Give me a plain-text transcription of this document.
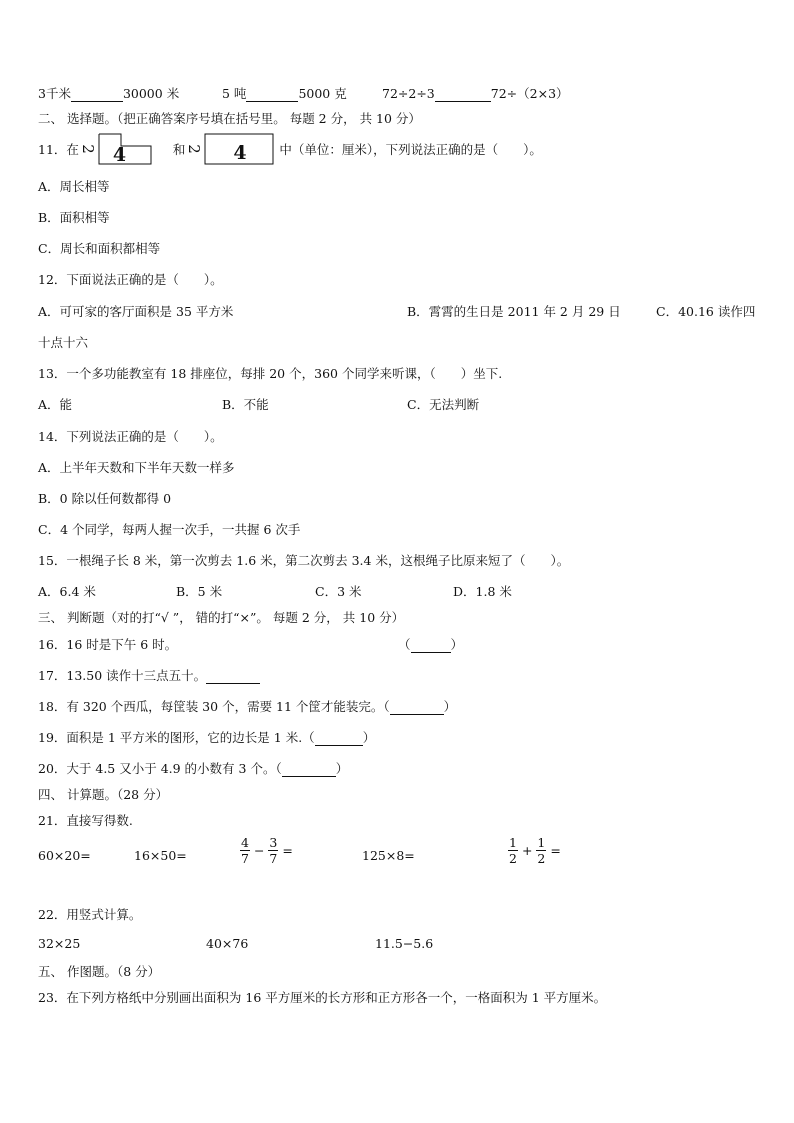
3千米	30000 米	5 吨	5000 克	72÷2÷3	72÷（2×3）
二、 选择题。（把正确答案序号填在括号里。 每题 2 分， 共 10 分）
11．在 2 4	和 2 4	中（单位：厘米），下列说法正确的是（　　）。
A．周长相等
B．面积相等
C．周长和面积都相等
12．下面说法正确的是（　　）。
A．可可家的客厅面积是 35 平方米	B．霄霄的生日是 2011 年 2 月 29 日	C．40.16 读作四
十点十六
13．一个多功能教室有 18 排座位，每排 20 个，360 个同学来听课，（　　）坐下.
A．能	B．不能	C．无法判断
14．下列说法正确的是（　　）。
A．上半年天数和下半年天数一样多
B．0 除以任何数都得 0
C．4 个同学，每两人握一次手，一共握 6 次手
15．一根绳子长 8 米，第一次剪去 1.6 米，第二次剪去 3.4 米，这根绳子比原来短了（　　）。
A．6.4 米	B．5 米	C．3 米	D．1.8 米
三、 判断题（对的打“√ ”， 错的打“×”。 每题 2 分， 共 10 分）
16．16 时是下午 6 时。	（	）
17．13.50 读作十三点五十。
18．有 320 个西瓜，每筐装 30 个，需要 11 个筐才能装完。（	）
19．面积是 1 平方米的图形，它的边长是 1 米.（	）
20．大于 4.5 又小于 4.9 的小数有 3 个。（	）
四、 计算题。（28 分）
21．直接写得数.
60×20=	16×50=	$\frac{4}{7} - \frac{3}{7}$ =	125×8=	$\frac{1}{2} + \frac{1}{2}$ =
22．用竖式计算。
32×25	40×76	11.5−5.6
五、 作图题。（8 分）
23．在下列方格纸中分别画出面积为 16 平方厘米的长方形和正方形各一个，一格面积为 1 平方厘米。
